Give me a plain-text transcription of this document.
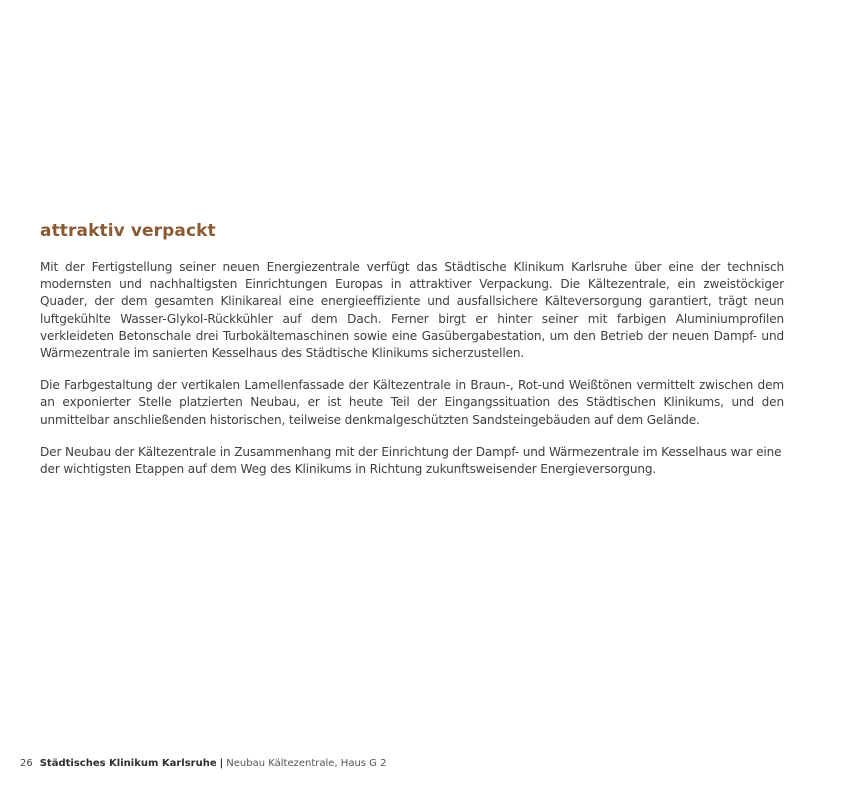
attraktiv verpackt

Mit der Fertigstellung seiner neuen Energiezentrale verfügt das Städtische Klinikum Karlsruhe über eine der technisch modernsten und nachhaltigsten Einrichtungen Europas in attraktiver Verpackung. Die Kältezentrale, ein zweistöckiger Quader, der dem gesamten Klinikareal eine energieeffiziente und ausfallsichere Kälteversorgung garantiert, trägt neun luftgekühlte Wasser-Glykol-Rückkühler auf dem Dach. Ferner birgt er hinter seiner mit farbigen Aluminiumprofilen verkleideten Betonschale drei Turbokältemaschinen sowie eine Gasübergabestation, um den Betrieb der neuen Dampf- und Wärmezentrale im sanierten Kesselhaus des Städtische Klinikums sicherzustellen.

Die Farbgestaltung der vertikalen Lamellenfassade der Kältezentrale in Braun-, Rot-und Weißtönen vermittelt zwischen dem an exponierter Stelle platzierten Neubau, er ist heute Teil der Eingangssituation des Städtischen Klinikums, und den unmittelbar anschließenden historischen, teilweise denkmalgeschützten Sandsteingebäuden auf dem Gelände.

Der Neubau der Kältezentrale in Zusammenhang mit der Einrichtung der Dampf- und Wärmezentrale im Kesselhaus war eine der wichtigsten Etappen auf dem Weg des Klinikums in Richtung zukunftsweisender Energieversorgung.

26 Städtisches Klinikum Karlsruhe | Neubau Kältezentrale, Haus G 2
